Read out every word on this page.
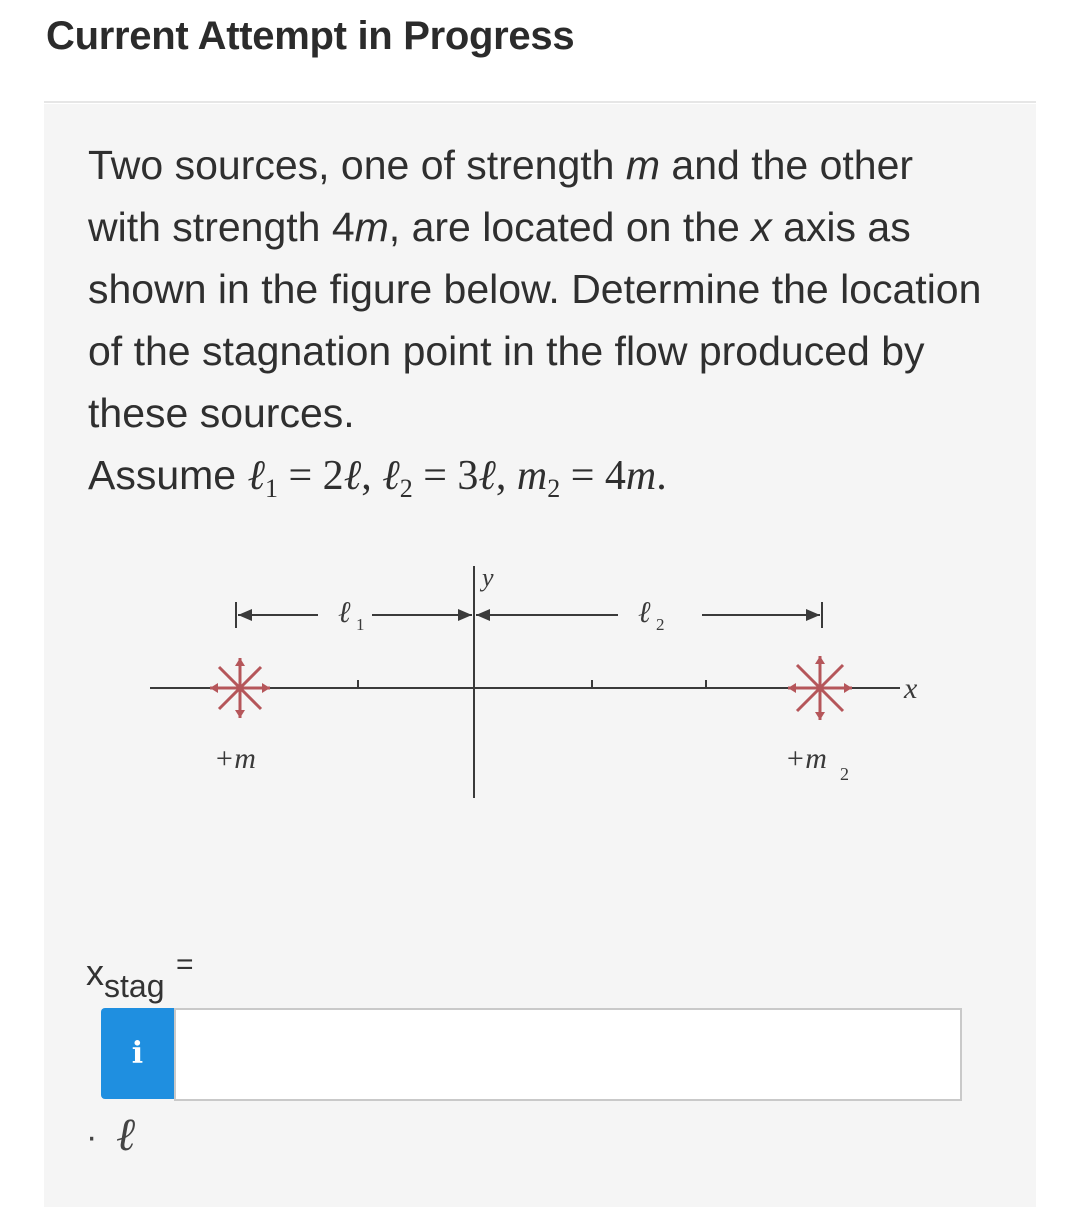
Current Attempt in Progress
Two sources, one of strength m and the other with strength 4m, are located on the x axis as shown in the figure below. Determine the location of the stagnation point in the flow produced by these sources.
Assume ℓ$_1$ = 2ℓ, ℓ$_2$ = 3ℓ, $m_2 = 4m$.
ℓ 1	ℓ 2
y
x
+m	+m 2
$x_{stag}$
=
i
· ℓ
